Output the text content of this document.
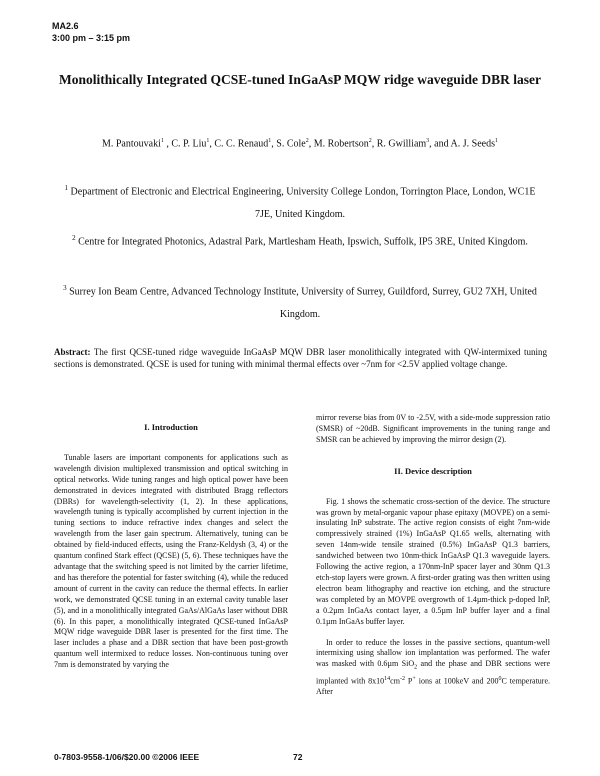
MA2.6
3:00 pm – 3:15 pm
Monolithically Integrated QCSE-tuned InGaAsP MQW ridge waveguide DBR laser
M. Pantouvaki$^1$ , C. P. Liu$^1$, C. C. Renaud$^1$, S. Cole$^2$, M. Robertson$^2$, R. Gwilliam$^3$, and A. J. Seeds$^1$
$^1$ Department of Electronic and Electrical Engineering, University College London, Torrington Place, London, WC1E 7JE, United Kingdom.
$^2$ Centre for Integrated Photonics, Adastral Park, Martlesham Heath, Ipswich, Suffolk, IP5 3RE, United Kingdom.
$^3$ Surrey Ion Beam Centre, Advanced Technology Institute, University of Surrey, Guildford, Surrey, GU2 7XH, United Kingdom.
Abstract: The first QCSE-tuned ridge waveguide InGaAsP MQW DBR laser monolithically integrated with QW-intermixed tuning sections is demonstrated. QCSE is used for tuning with minimal thermal effects over ~7nm for <2.5V applied voltage change.
I. Introduction

Tunable lasers are important components for applications such as wavelength division multiplexed transmission and optical switching in optical networks. Wide tuning ranges and high optical power have been demonstrated in devices integrated with distributed Bragg reflectors (DBRs) for wavelength-selectivity (1, 2). In these applications, wavelength tuning is typically accomplished by current injection in the tuning sections to induce refractive index changes and select the wavelength from the laser gain spectrum. Alternatively, tuning can be obtained by field-induced effects, using the Franz-Keldysh (3, 4) or the quantum confined Stark effect (QCSE) (5, 6). These techniques have the advantage that the switching speed is not limited by the carrier lifetime, and has therefore the potential for faster switching (4), while the reduced amount of current in the cavity can reduce the thermal effects. In earlier work, we demonstrated QCSE tuning in an external cavity tunable laser (5), and in a monolithically integrated GaAs/AlGaAs laser without DBR (6). In this paper, a monolithically integrated QCSE-tuned InGaAsP MQW ridge waveguide DBR laser is presented for the first time. The laser includes a phase and a DBR section that have been post-growth quantum well intermixed to reduce losses. Non-continuous tuning over 7nm is demonstrated by varying the

mirror reverse bias from 0V to -2.5V, with a side-mode suppression ratio (SMSR) of ~20dB. Significant improvements in the tuning range and SMSR can be achieved by improving the mirror design (2).

II. Device description

Fig. 1 shows the schematic cross-section of the device. The structure was grown by metal-organic vapour phase epitaxy (MOVPE) on a semi-insulating InP substrate. The active region consists of eight 7nm-wide compressively strained (1%) InGaAsP Q1.65 wells, alternating with seven 14nm-wide tensile strained (0.5%) InGaAsP Q1.3 barriers, sandwiched between two 10nm-thick InGaAsP Q1.3 waveguide layers. Following the active region, a 170nm-InP spacer layer and 30nm Q1.3 etch-stop layers were grown. A first-order grating was then written using electron beam lithography and reactive ion etching, and the structure was completed by an MOVPE overgrowth of 1.4µm-thick p-doped InP, a 0.2µm InGaAs contact layer, a 0.5µm InP buffer layer and a final 0.1µm InGaAs buffer layer.

In order to reduce the losses in the passive sections, quantum-well intermixing using shallow ion implantation was performed. The wafer was masked with 0.6µm SiO$_2$ and the phase and DBR sections were implanted with $8x10^{14}cm^{-2}$ P+ ions at 100keV and $200^0C$ temperature. After

0-7803-9558-1/06/$20.00 ©2006 IEEE	72
